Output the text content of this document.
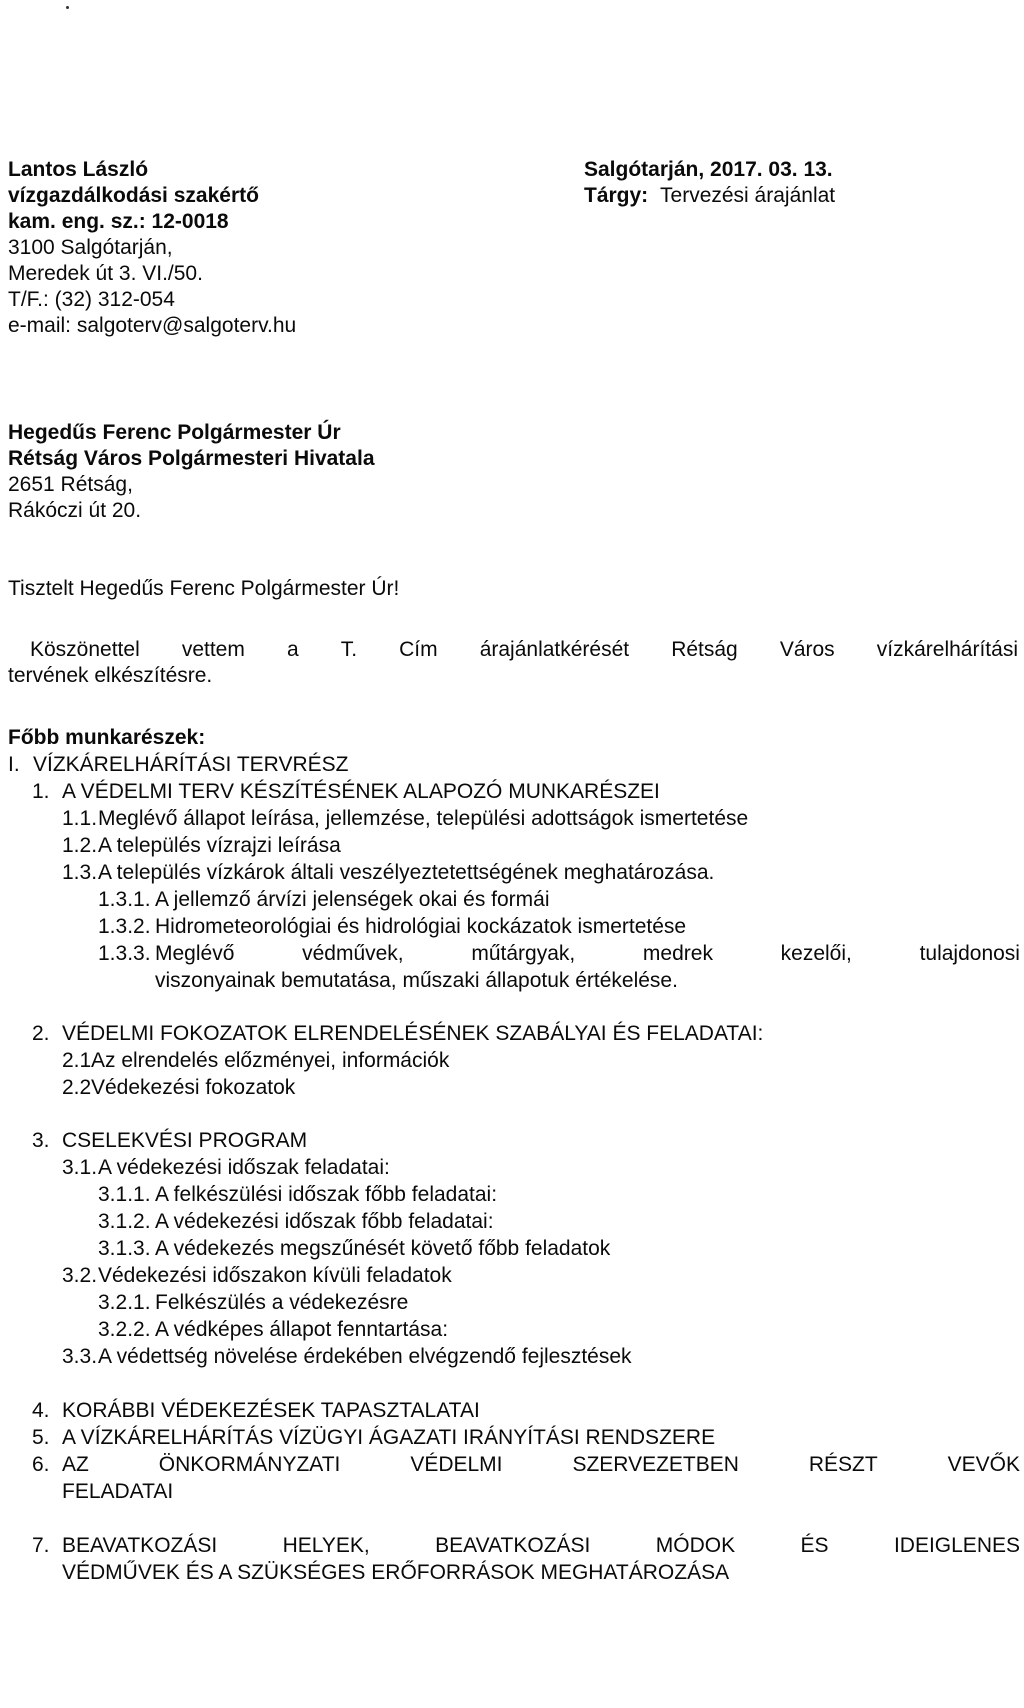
Lantos László
vízgazdálkodási szakértő
kam. eng. sz.: 12-0018
3100 Salgótarján,
Meredek út 3. VI./50.
T/F.: (32) 312-054
e-mail: salgoterv@salgoterv.hu
Salgótarján, 2017. 03. 13.
Tárgy: Tervezési árajánlat
Hegedűs Ferenc Polgármester Úr
Rétság Város Polgármesteri Hivatala
2651 Rétság,
Rákóczi út 20.
Tisztelt Hegedűs Ferenc Polgármester Úr!
Köszönettel vettem a T. Cím árajánlatkérését Rétság Város vízkárelhárítási
tervének elkészítésre.
Főbb munkarészek:
I. VÍZKÁRELHÁRÍTÁSI TERVRÉSZ
1. A VÉDELMI TERV KÉSZÍTÉSÉNEK ALAPOZÓ MUNKARÉSZEI
1.1. Meglévő állapot leírása, jellemzése, települési adottságok ismertetése
1.2. A település vízrajzi leírása
1.3. A település vízkárok általi veszélyeztetettségének meghatározása.
1.3.1. A jellemző árvízi jelenségek okai és formái
1.3.2. Hidrometeorológiai és hidrológiai kockázatok ismertetése
1.3.3. Meglévő	védművek,	műtárgyak,	medrek	kezelői,	tulajdonosi
viszonyainak bemutatása, műszaki állapotuk értékelése.
2. VÉDELMI FOKOZATOK ELRENDELÉSÉNEK SZABÁLYAI ÉS FELADATAI:
2.1 Az elrendelés előzményei, információk
2.2 Védekezési fokozatok
3. CSELEKVÉSI PROGRAM
3.1. A védekezési időszak feladatai:
3.1.1. A felkészülési időszak főbb feladatai:
3.1.2. A védekezési időszak főbb feladatai:
3.1.3. A védekezés megszűnését követő főbb feladatok
3.2. Védekezési időszakon kívüli feladatok
3.2.1. Felkészülés a védekezésre
3.2.2. A védképes állapot fenntartása:
3.3. A védettség növelése érdekében elvégzendő fejlesztések
4. KORÁBBI VÉDEKEZÉSEK TAPASZTALATAI
5. A VÍZKÁRELHÁRÍTÁS VÍZÜGYI ÁGAZATI IRÁNYÍTÁSI RENDSZERE
6. AZ	ÖNKORMÁNYZATI	VÉDELMI	SZERVEZETBEN	RÉSZT	VEVŐK
FELADATAI
7. BEAVATKOZÁSI	HELYEK,	BEAVATKOZÁSI	MÓDOK	ÉS	IDEIGLENES
VÉDMŰVEK ÉS A SZÜKSÉGES ERŐFORRÁSOK MEGHATÁROZÁSA
